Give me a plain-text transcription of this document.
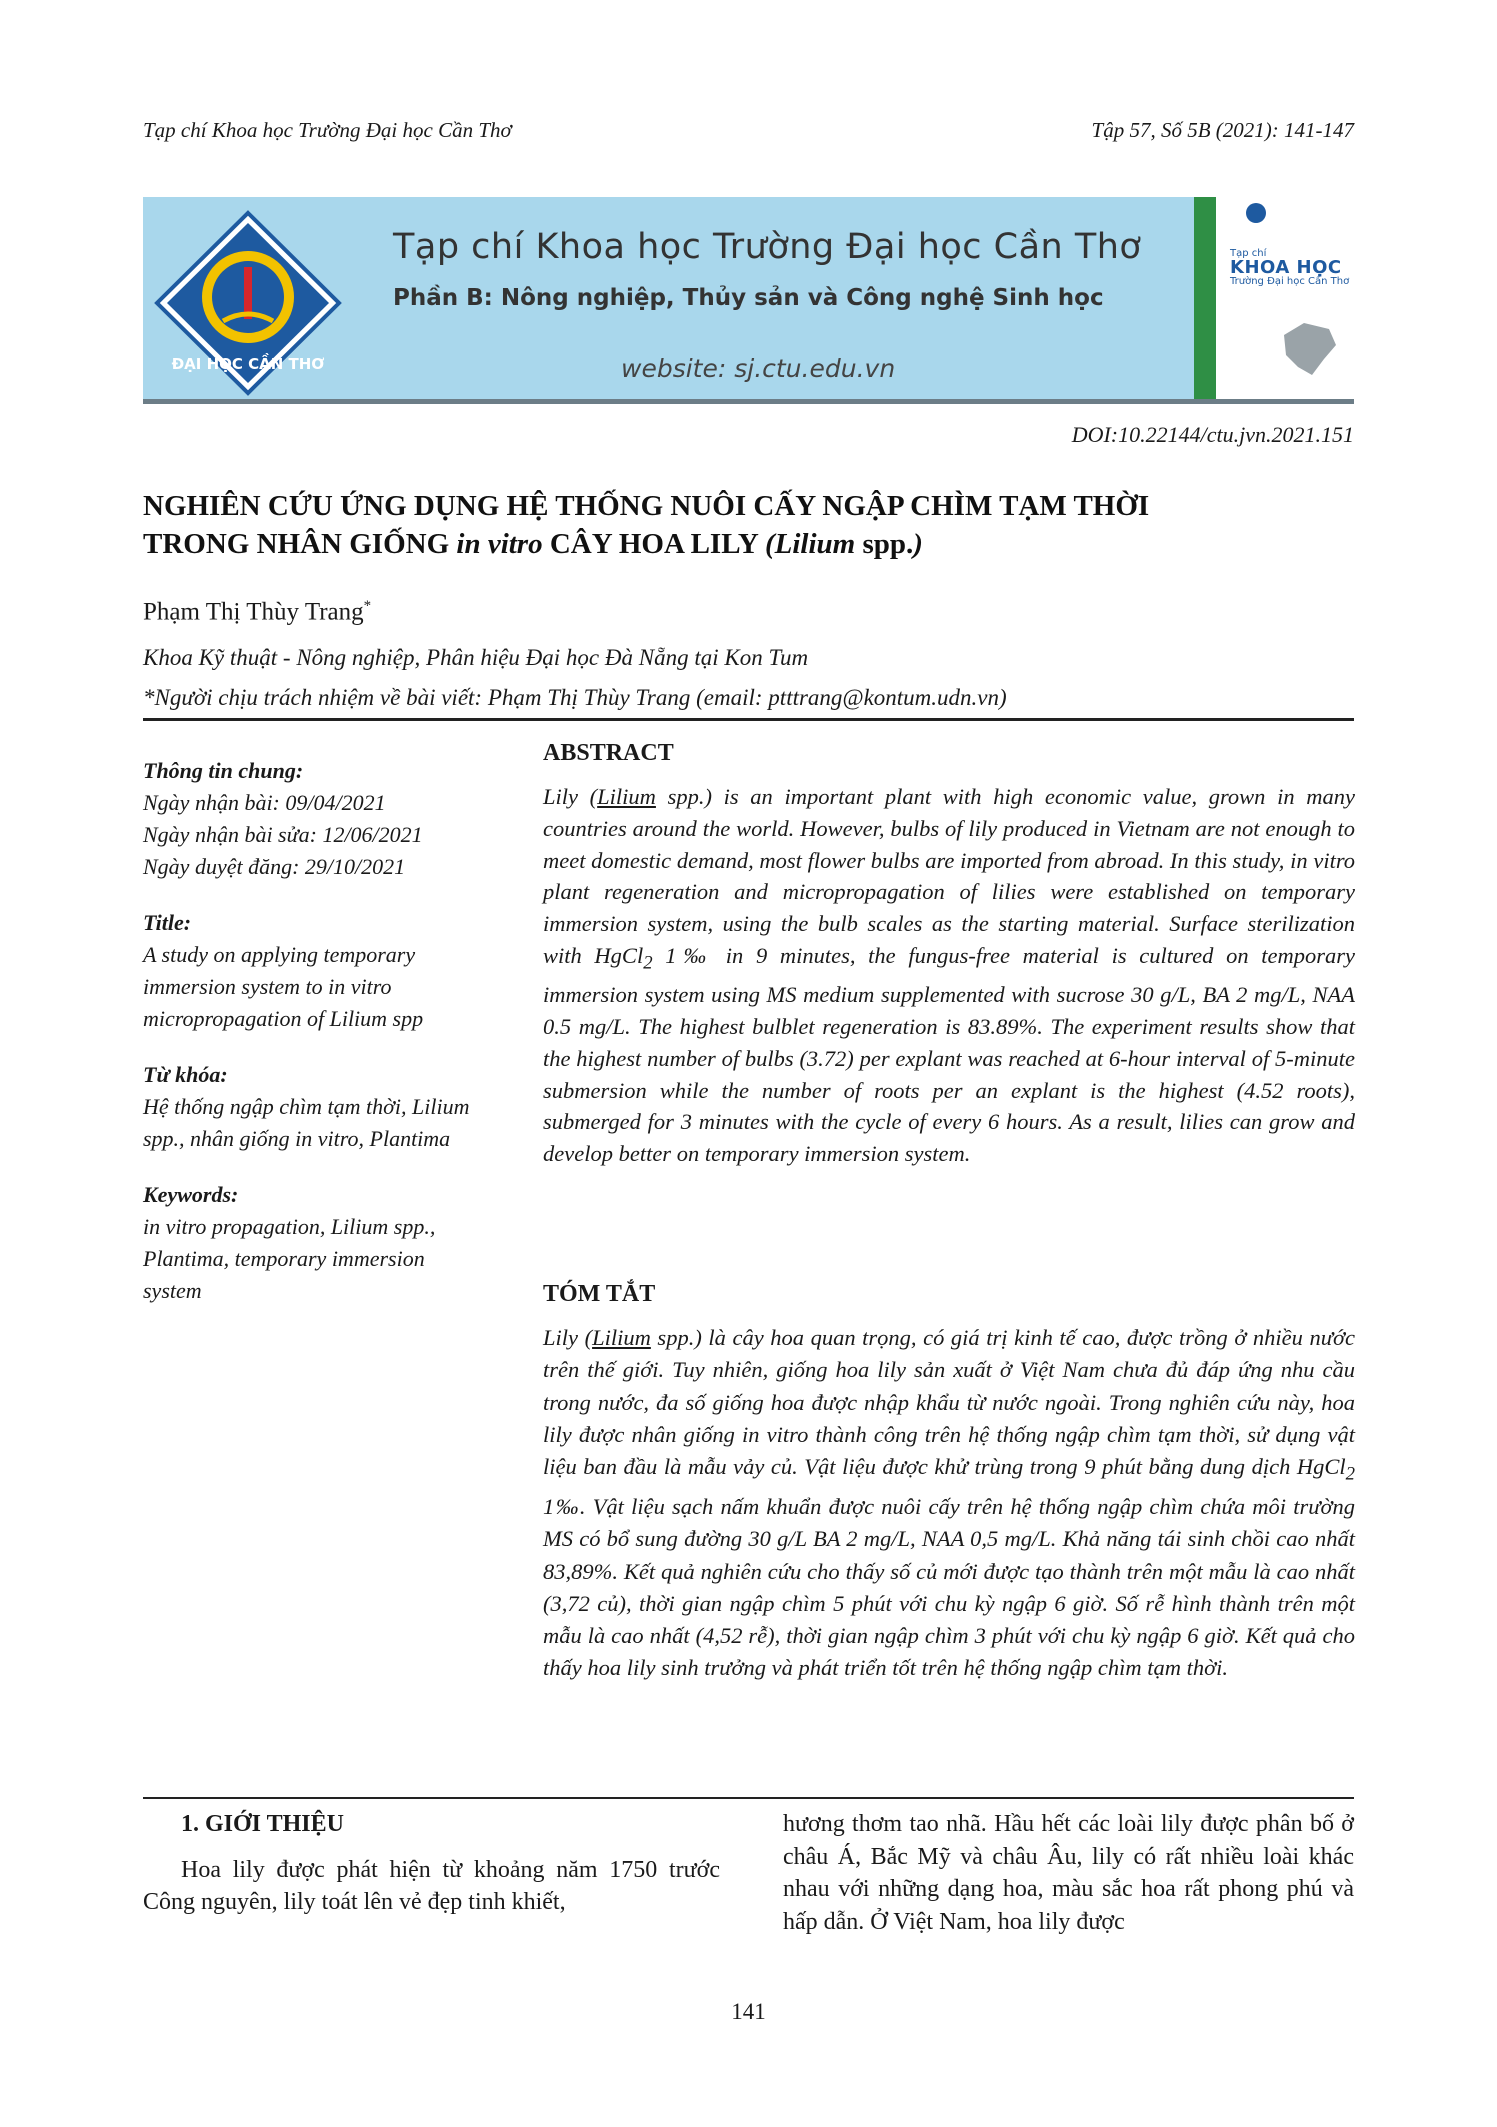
Tạp chí Khoa học Trường Đại học Cần Thơ	Tập 57, Số 5B (2021): 141-147
ĐẠI HỌC CẦN THƠ
Tạp chí Khoa học Trường Đại học Cần Thơ
Phần B: Nông nghiệp, Thủy sản và Công nghệ Sinh học
website: sj.ctu.edu.vn
Tạp chí
KHOA HỌC
Trường Đại học Cần Thơ
DOI:10.22144/ctu.jvn.2021.151
NGHIÊN CỨU ỨNG DỤNG HỆ THỐNG NUÔI CẤY NGẬP CHÌM TẠM THỜI
TRONG NHÂN GIỐNG in vitro CÂY HOA LILY (Lilium spp.)
Phạm Thị Thùy Trang*
Khoa Kỹ thuật - Nông nghiệp, Phân hiệu Đại học Đà Nẵng tại Kon Tum
*Người chịu trách nhiệm về bài viết: Phạm Thị Thùy Trang (email: ptttrang@kontum.udn.vn)
Thông tin chung:
Ngày nhận bài: 09/04/2021
Ngày nhận bài sửa: 12/06/2021
Ngày duyệt đăng: 29/10/2021
Title:
A study on applying temporary immersion system to in vitro micropropagation of Lilium spp
Từ khóa:
Hệ thống ngập chìm tạm thời, Lilium spp., nhân giống in vitro, Plantima
Keywords:
in vitro propagation, Lilium spp., Plantima, temporary immersion system
ABSTRACT
Lily (Lilium spp.) is an important plant with high economic value, grown in many countries around the world. However, bulbs of lily produced in Vietnam are not enough to meet domestic demand, most flower bulbs are imported from abroad. In this study, in vitro plant regeneration and micropropagation of lilies were established on temporary immersion system, using the bulb scales as the starting material. Surface sterilization with HgCl$_2$ 1‰ in 9 minutes, the fungus-free material is cultured on temporary immersion system using MS medium supplemented with sucrose 30 g/L, BA 2 mg/L, NAA 0.5 mg/L. The highest bulblet regeneration is 83.89%. The experiment results show that the highest number of bulbs (3.72) per explant was reached at 6-hour interval of 5-minute submersion while the number of roots per an explant is the highest (4.52 roots), submerged for 3 minutes with the cycle of every 6 hours. As a result, lilies can grow and develop better on temporary immersion system.
TÓM TẮT
Lily (Lilium spp.) là cây hoa quan trọng, có giá trị kinh tế cao, được trồng ở nhiều nước trên thế giới. Tuy nhiên, giống hoa lily sản xuất ở Việt Nam chưa đủ đáp ứng nhu cầu trong nước, đa số giống hoa được nhập khẩu từ nước ngoài. Trong nghiên cứu này, hoa lily được nhân giống in vitro thành công trên hệ thống ngập chìm tạm thời, sử dụng vật liệu ban đầu là mẫu vảy củ. Vật liệu được khử trùng trong 9 phút bằng dung dịch HgCl$_2$ 1‰. Vật liệu sạch nấm khuẩn được nuôi cấy trên hệ thống ngập chìm chứa môi trường MS có bổ sung đường 30 g/L BA 2 mg/L, NAA 0,5 mg/L. Khả năng tái sinh chồi cao nhất 83,89%. Kết quả nghiên cứu cho thấy số củ mới được tạo thành trên một mẫu là cao nhất (3,72 củ), thời gian ngập chìm 5 phút với chu kỳ ngập 6 giờ. Số rễ hình thành trên một mẫu là cao nhất (4,52 rễ), thời gian ngập chìm 3 phút với chu kỳ ngập 6 giờ. Kết quả cho thấy hoa lily sinh trưởng và phát triển tốt trên hệ thống ngập chìm tạm thời.
1. GIỚI THIỆU
Hoa lily được phát hiện từ khoảng năm 1750 trước Công nguyên, lily toát lên vẻ đẹp tinh khiết,
hương thơm tao nhã. Hầu hết các loài lily được phân bố ở châu Á, Bắc Mỹ và châu Âu, lily có rất nhiều loài khác nhau với những dạng hoa, màu sắc hoa rất phong phú và hấp dẫn. Ở Việt Nam, hoa lily được
141
